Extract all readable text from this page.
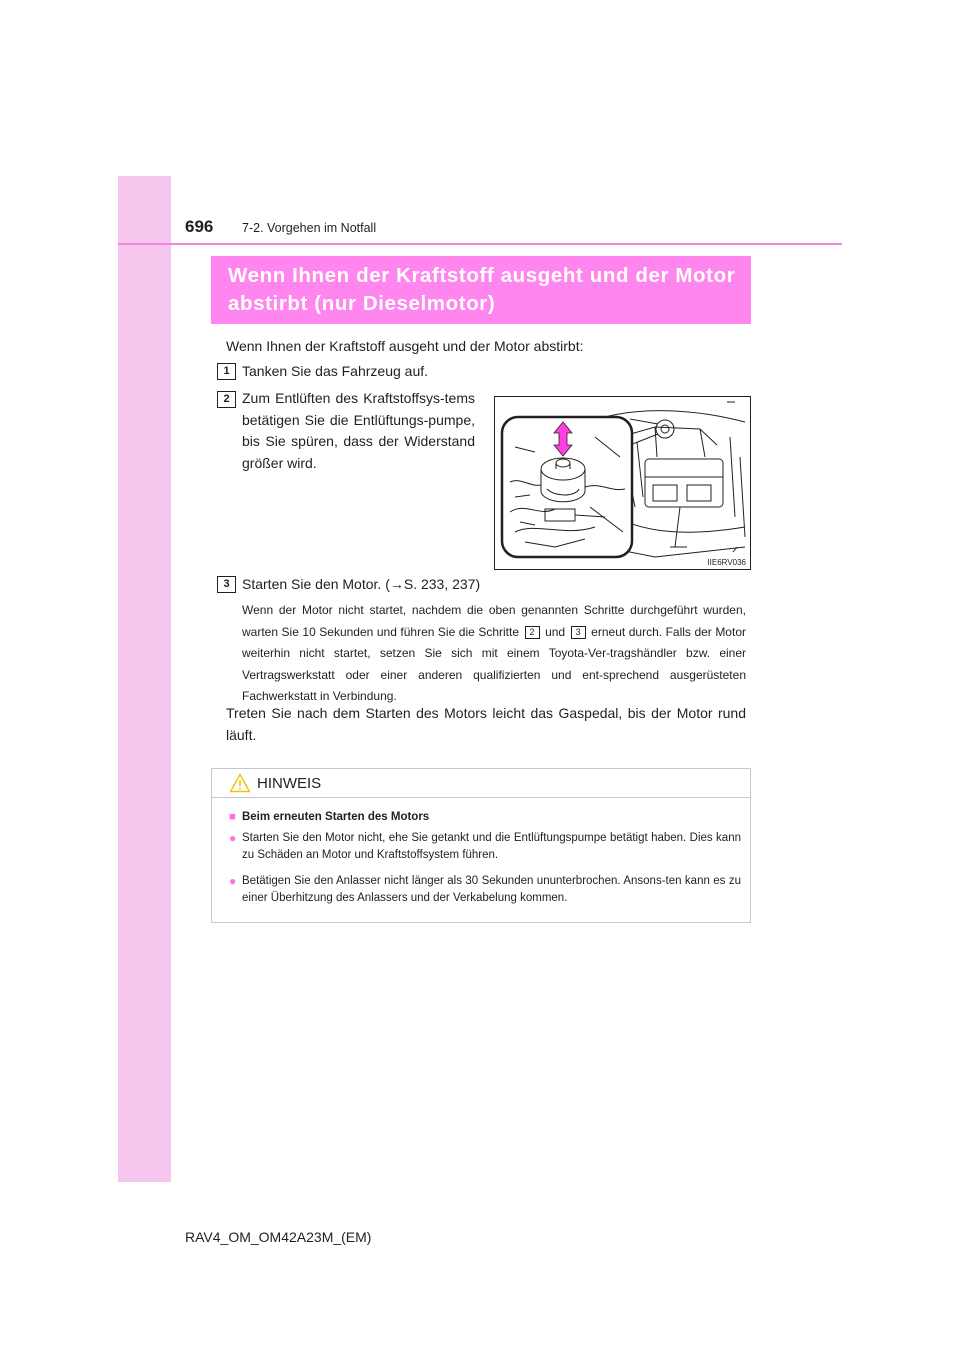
696 7-2. Vorgehen im Notfall
Wenn Ihnen der Kraftstoff ausgeht und der Motor abstirbt (nur Dieselmotor)
Wenn Ihnen der Kraftstoff ausgeht und der Motor abstirbt:
1 Tanken Sie das Fahrzeug auf.
2 Zum Entlüften des Kraftstoffsys-tems betätigen Sie die Entlüftungs-pumpe, bis Sie spüren, dass der Widerstand größer wird.
IIE6RV036
3 Starten Sie den Motor. (→S. 233, 237)
Wenn der Motor nicht startet, nachdem die oben genannten Schritte durchgeführt wurden, warten Sie 10 Sekunden und führen Sie die Schritte 2 und 3 erneut durch. Falls der Motor weiterhin nicht startet, setzen Sie sich mit einem Toyota-Ver-tragshändler bzw. einer Vertragswerkstatt oder einer anderen qualifizierten und ent-sprechend ausgerüsteten Fachwerkstatt in Verbindung.
Treten Sie nach dem Starten des Motors leicht das Gaspedal, bis der Motor rund läuft.
HINWEIS
■ Beim erneuten Starten des Motors
● Starten Sie den Motor nicht, ehe Sie getankt und die Entlüftungspumpe betätigt haben. Dies kann zu Schäden an Motor und Kraftstoffsystem führen.
● Betätigen Sie den Anlasser nicht länger als 30 Sekunden ununterbrochen. Ansons-ten kann es zu einer Überhitzung des Anlassers und der Verkabelung kommen.
RAV4_OM_OM42A23M_(EM)
